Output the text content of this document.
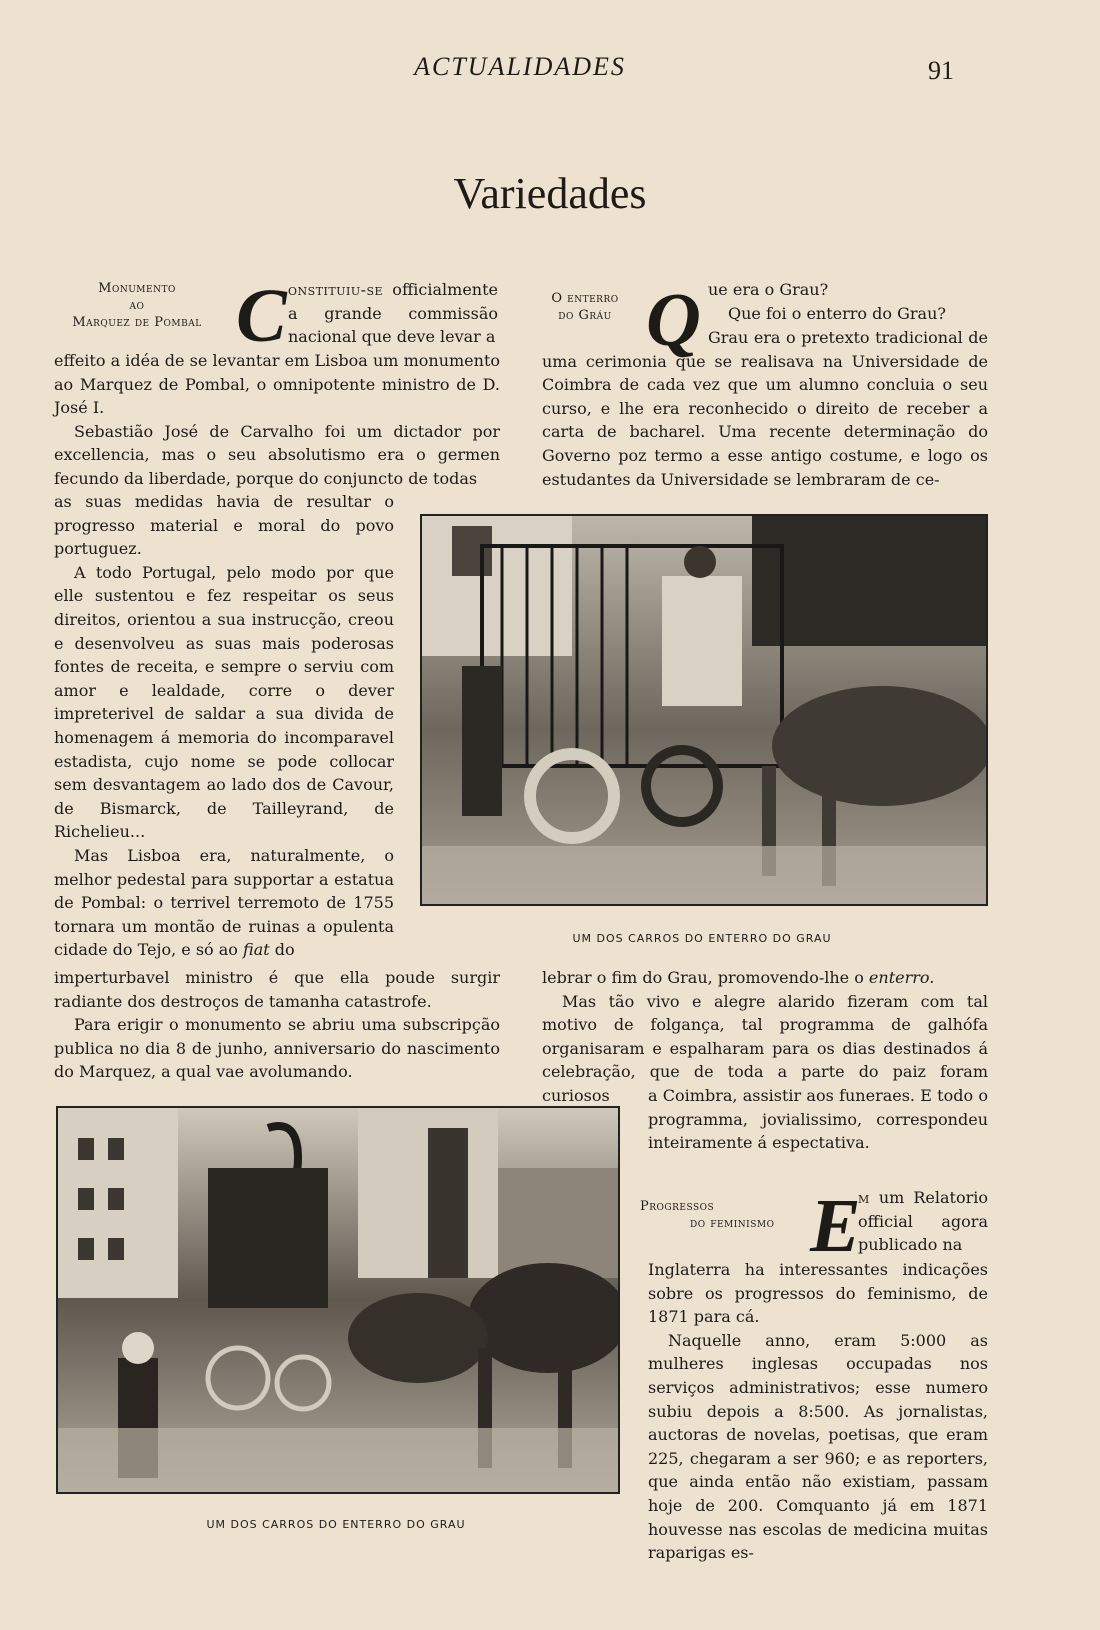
ACTUALIDADES	91
Variedades
Monumento
ao
Marquez de Pombal C onstituiu-se officialmente a grande commissão nacional que deve levar a

effeito a idéa de se levantar em Lisboa um monumento ao Marquez de Pombal, o omnipotente ministro de D. José I.

Sebastião José de Carvalho foi um dictador por excellencia, mas o seu absolutismo era o germen fecundo da liberdade, porque do conjuncto de todas

as suas medidas havia de resultar o progresso material e moral do povo portuguez.

A todo Portugal, pelo modo por que elle sustentou e fez respeitar os seus direitos, orientou a sua instrucção, creou e desenvolveu as suas mais poderosas fontes de receita, e sempre o serviu com amor e lealdade, corre o dever impreterivel de saldar a sua divida de homenagem á memoria do incomparavel estadista, cujo nome se pode collocar sem desvantagem ao lado dos de Cavour, de Bismarck, de Tailleyrand, de Richelieu...

Mas Lisboa era, naturalmente, o melhor pedestal para supportar a estatua de Pombal: o terrivel terremoto de 1755 tornara um montão de ruinas a opulenta cidade do Tejo, e só ao fiat do

imperturbavel ministro é que ella poude surgir radiante dos destroços de tamanha catastrofe.

Para erigir o monumento se abriu uma subscripção publica no dia 8 de junho, anniversario do nascimento do Marquez, a qual vae avolumando.

O enterro
do Gráu Q ue era o Grau?

Que foi o enterro do Grau?

Grau era o pretexto tradicional de uma cerimonia que se realisava na Universidade de Coimbra de cada vez que um alumno concluia o seu curso, e lhe era reconhecido o direito de receber a carta de bacharel. Uma recente determinação do Governo poz termo a esse antigo costume, e logo os estudantes da Universidade se lembraram de ce-

UM DOS CARROS DO ENTERRO DO GRAU

lebrar o fim do Grau, promovendo-lhe o enterro.

Mas tão vivo e alegre alarido fizeram com tal motivo de folgança, tal programma de galhófa organisaram e espalharam para os dias destinados á celebração, que de toda a parte do paiz foram curiosos	a Coimbra, assistir aos funeraes. E todo o programma, jovialissimo, correspondeu inteiramente á espectativa.

Progressos
do feminismo E

m um Relatorio official agora publicado na

Inglaterra ha interessantes indicações sobre os progressos do feminismo, de 1871 para cá.

Naquelle anno, eram 5:000 as mulheres inglesas occupadas nos serviços administrativos; esse numero subiu depois a 8:500. As jornalistas, auctoras de novelas, poetisas, que eram 225, chegaram a ser 960; e as reporters, que ainda então não existiam, passam hoje de 200. Comquanto já em 1871 houvesse nas escolas de medicina muitas raparigas es-

UM DOS CARROS DO ENTERRO DO GRAU
